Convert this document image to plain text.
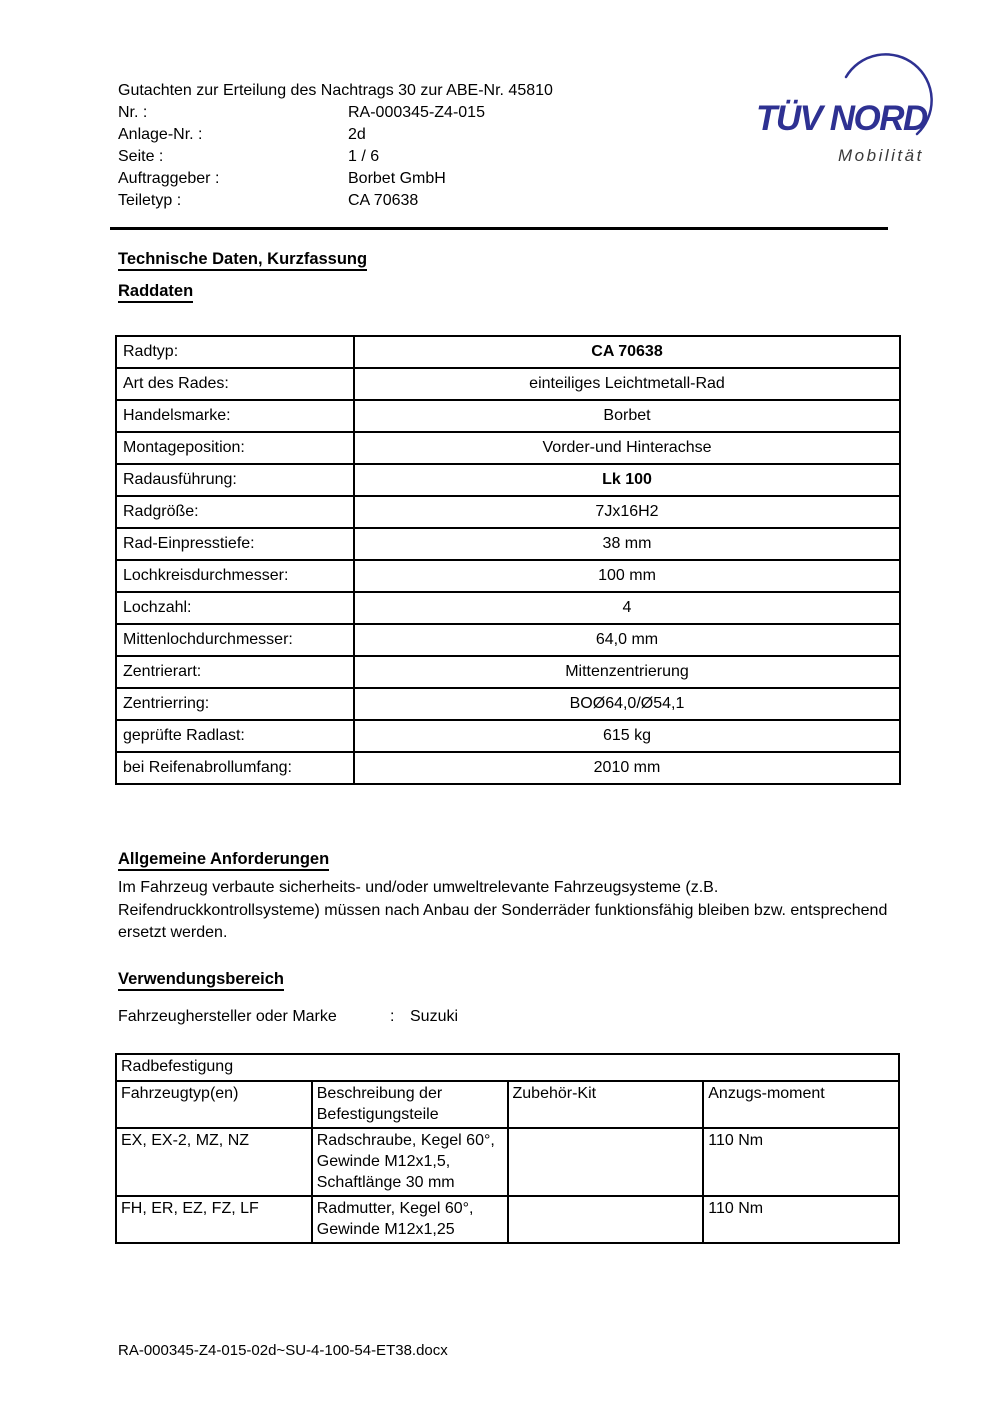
Gutachten zur Erteilung des Nachtrags 30 zur ABE-Nr. 45810
Nr. :	RA-000345-Z4-015
Anlage-Nr. :	2d
Seite :	1 / 6
Auftraggeber :	Borbet GmbH
Teiletyp :	CA 70638
TÜV NORD
Mobilität
Technische Daten, Kurzfassung
Raddaten
Radtyp:	CA 70638
Art des Rades:	einteiliges Leichtmetall-Rad
Handelsmarke:	Borbet
Montageposition:	Vorder-und Hinterachse
Radausführung:	Lk 100
Radgröße:	7Jx16H2
Rad-Einpresstiefe:	38 mm
Lochkreisdurchmesser:	100 mm
Lochzahl:	4
Mittenlochdurchmesser:	64,0 mm
Zentrierart:	Mittenzentrierung
Zentrierring:	BOØ64,0/Ø54,1
geprüfte Radlast:	615 kg
bei Reifenabrollumfang:	2010 mm
Allgemeine Anforderungen
Im Fahrzeug verbaute sicherheits- und/oder umweltrelevante Fahrzeugsysteme (z.B. Reifendruckkontrollsysteme) müssen nach Anbau der Sonderräder funktionsfähig bleiben bzw. entsprechend ersetzt werden.
Verwendungsbereich
Fahrzeughersteller oder Marke	: Suzuki
Radbefestigung			
Fahrzeugtyp(en)	Beschreibung der Befestigungsteile	Zubehör-Kit	Anzugs-moment
EX, EX-2, MZ, NZ	Radschraube, Kegel 60°, Gewinde M12x1,5, Schaftlänge 30 mm		110 Nm
FH, ER, EZ, FZ, LF	Radmutter, Kegel 60°, Gewinde M12x1,25		110 Nm
RA-000345-Z4-015-02d~SU-4-100-54-ET38.docx
